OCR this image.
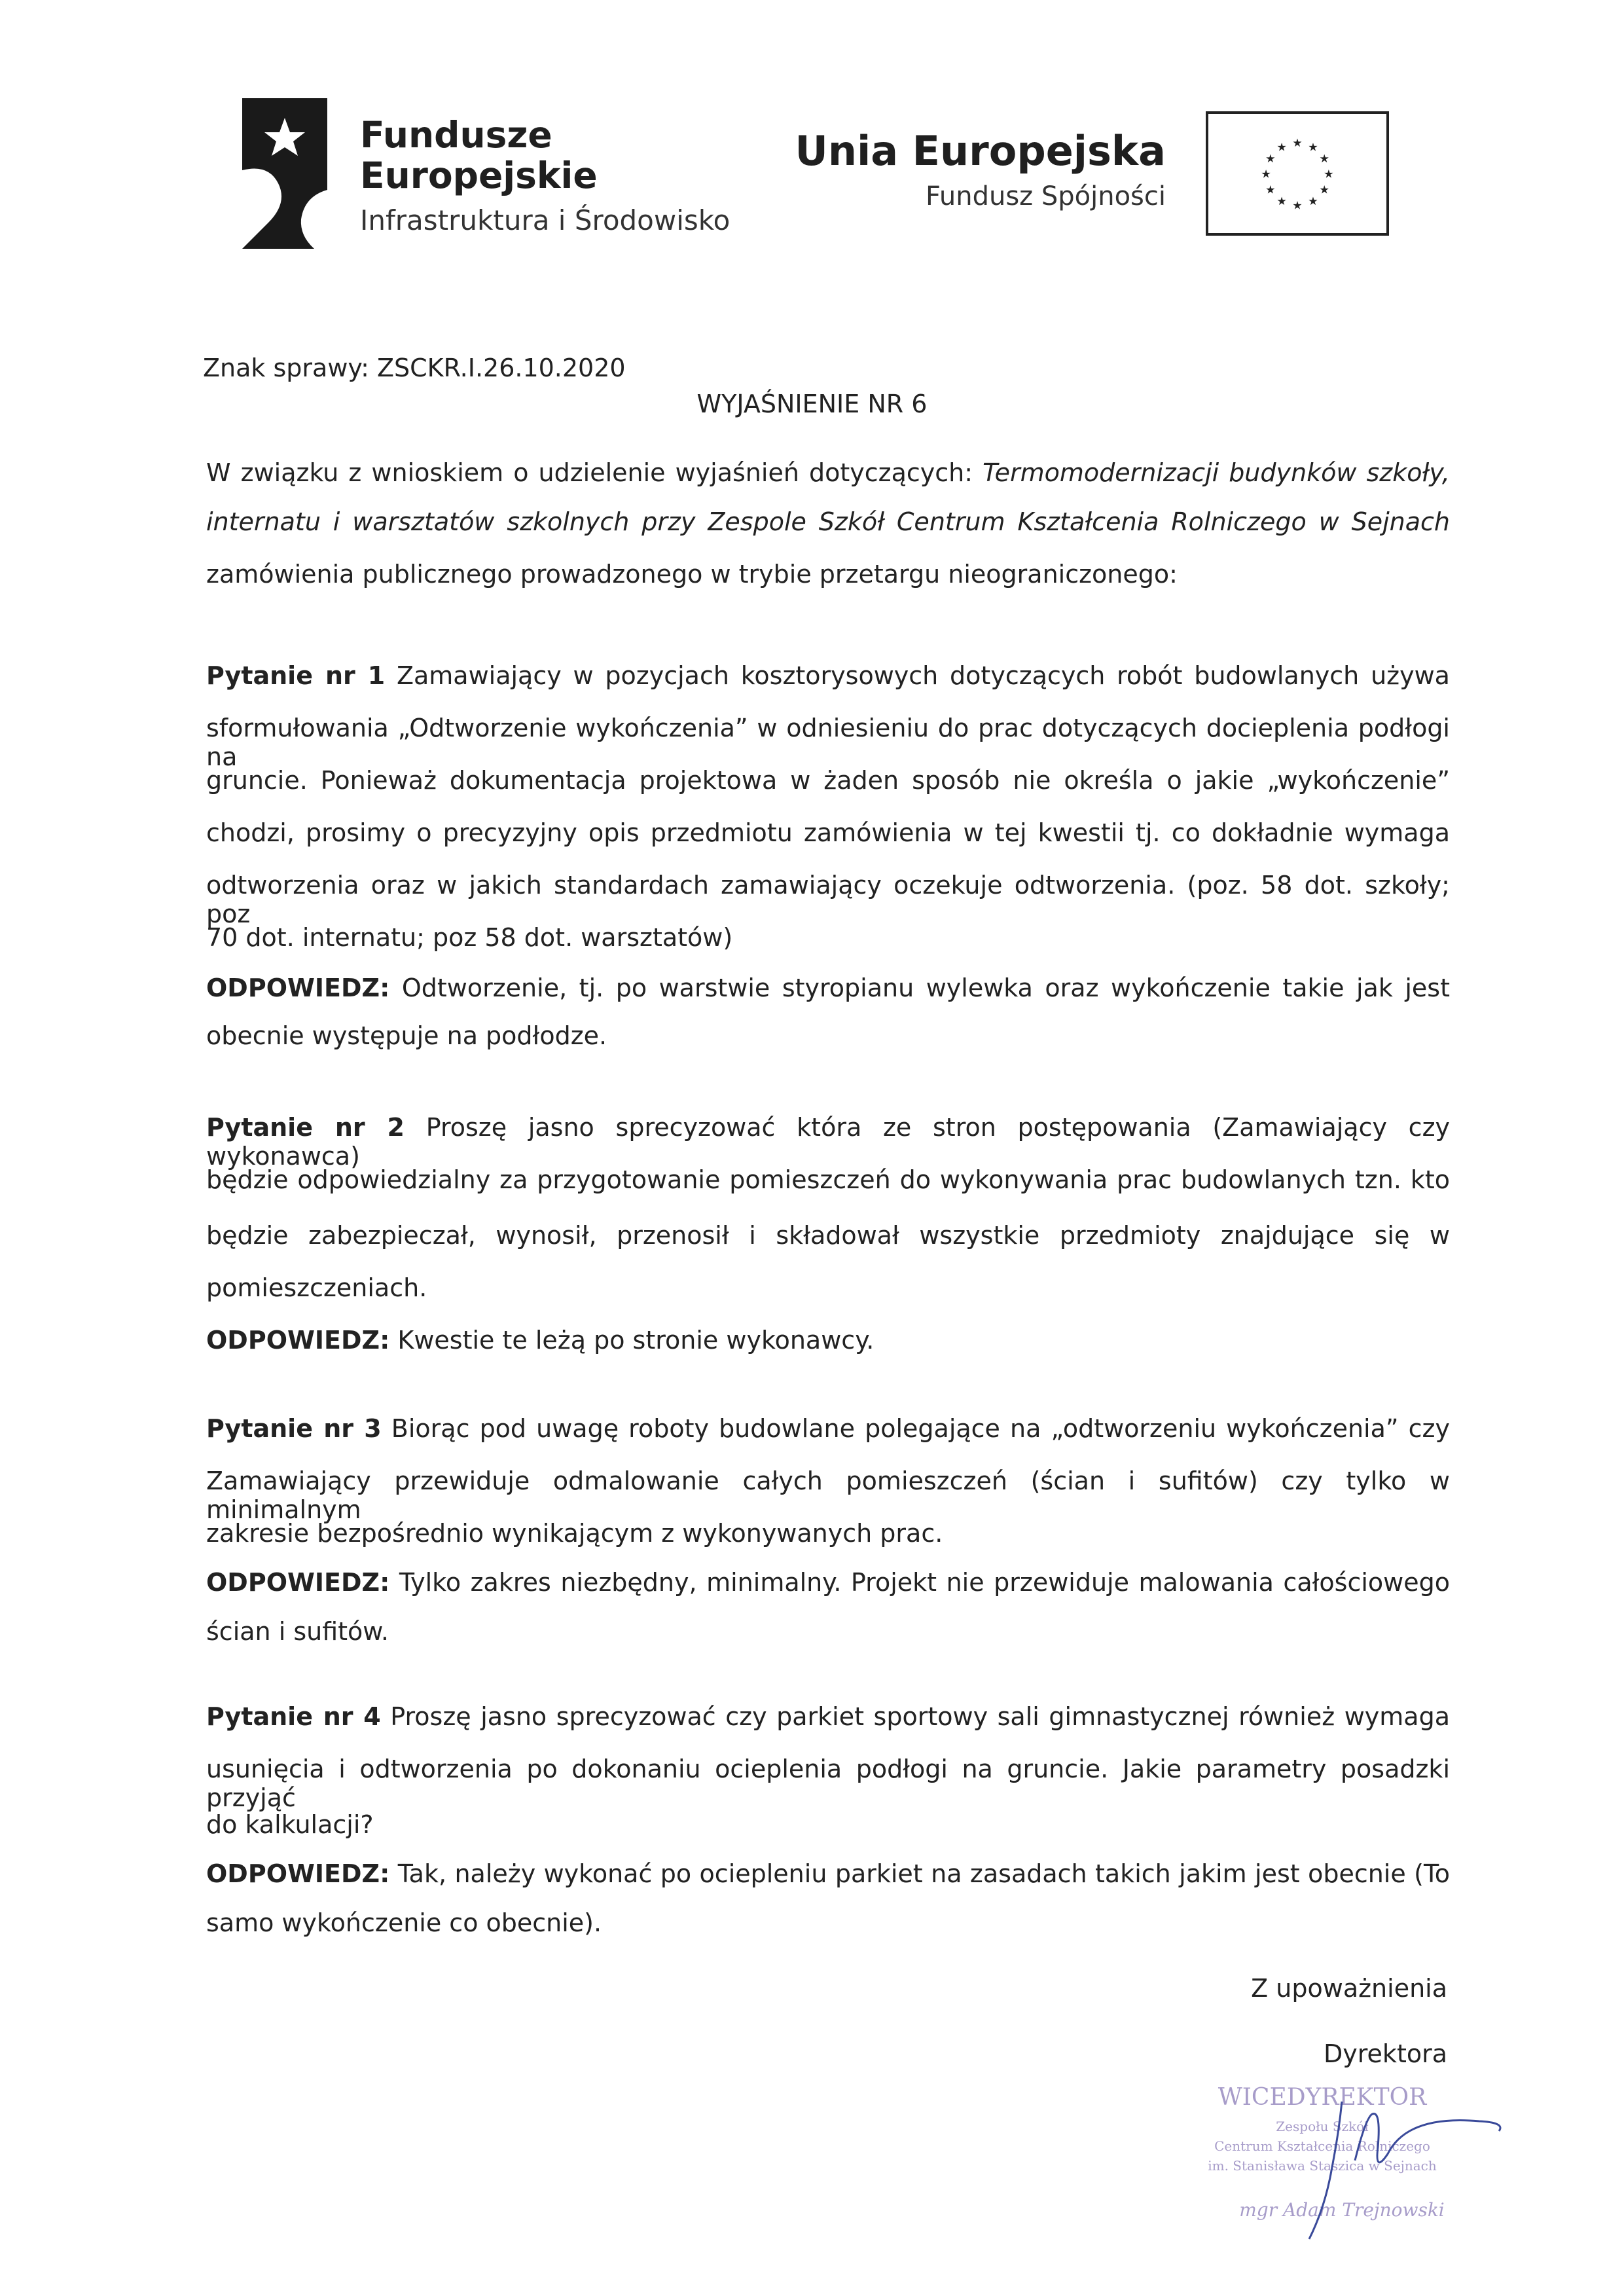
Fundusze
Europejskie
Infrastruktura i Środowisko
Unia Europejska
Fundusz Spójności
★ ★
★
★
★
★
★
★
★
★
★
★
Znak sprawy: ZSCKR.I.26.10.2020
WYJAŚNIENIE NR 6
W związku z wnioskiem o udzielenie wyjaśnień dotyczących: Termomodernizacji budynków szkoły,
internatu i warsztatów szkolnych przy Zespole Szkół Centrum Kształcenia Rolniczego w Sejnach
zamówienia publicznego prowadzonego w trybie przetargu nieograniczonego:
Pytanie nr 1 Zamawiający w pozycjach kosztorysowych dotyczących robót budowlanych używa
sformułowania „Odtworzenie wykończenia” w odniesieniu do prac dotyczących docieplenia podłogi na
gruncie. Ponieważ dokumentacja projektowa w żaden sposób nie określa o jakie „wykończenie”
chodzi, prosimy o precyzyjny opis przedmiotu zamówienia w tej kwestii tj. co dokładnie wymaga
odtworzenia oraz w jakich standardach zamawiający oczekuje odtworzenia. (poz. 58 dot. szkoły; poz
70 dot. internatu; poz 58 dot. warsztatów)
ODPOWIEDZ: Odtworzenie, tj. po warstwie styropianu wylewka oraz wykończenie takie jak jest
obecnie występuje na podłodze.
Pytanie nr 2 Proszę jasno sprecyzować która ze stron postępowania (Zamawiający czy wykonawca)
będzie odpowiedzialny za przygotowanie pomieszczeń do wykonywania prac budowlanych tzn. kto
będzie zabezpieczał, wynosił, przenosił i składował wszystkie przedmioty znajdujące się w
pomieszczeniach.
ODPOWIEDZ: Kwestie te leżą po stronie wykonawcy.
Pytanie nr 3 Biorąc pod uwagę roboty budowlane polegające na „odtworzeniu wykończenia” czy
Zamawiający przewiduje odmalowanie całych pomieszczeń (ścian i sufitów) czy tylko w minimalnym
zakresie bezpośrednio wynikającym z wykonywanych prac.
ODPOWIEDZ: Tylko zakres niezbędny, minimalny. Projekt nie przewiduje malowania całościowego
ścian i sufitów.
Pytanie nr 4 Proszę jasno sprecyzować czy parkiet sportowy sali gimnastycznej również wymaga
usunięcia i odtworzenia po dokonaniu ocieplenia podłogi na gruncie. Jakie parametry posadzki przyjąć
do kalkulacji?
ODPOWIEDZ: Tak, należy wykonać po ociepleniu parkiet na zasadach takich jakim jest obecnie (To
samo wykończenie co obecnie).
Z upoważnienia
Dyrektora
WICEDYREKTOR
Zespołu Szkół
Centrum Kształcenia Rolniczego
im. Stanisława Staszica w Sejnach
mgr Adam Trejnowski
